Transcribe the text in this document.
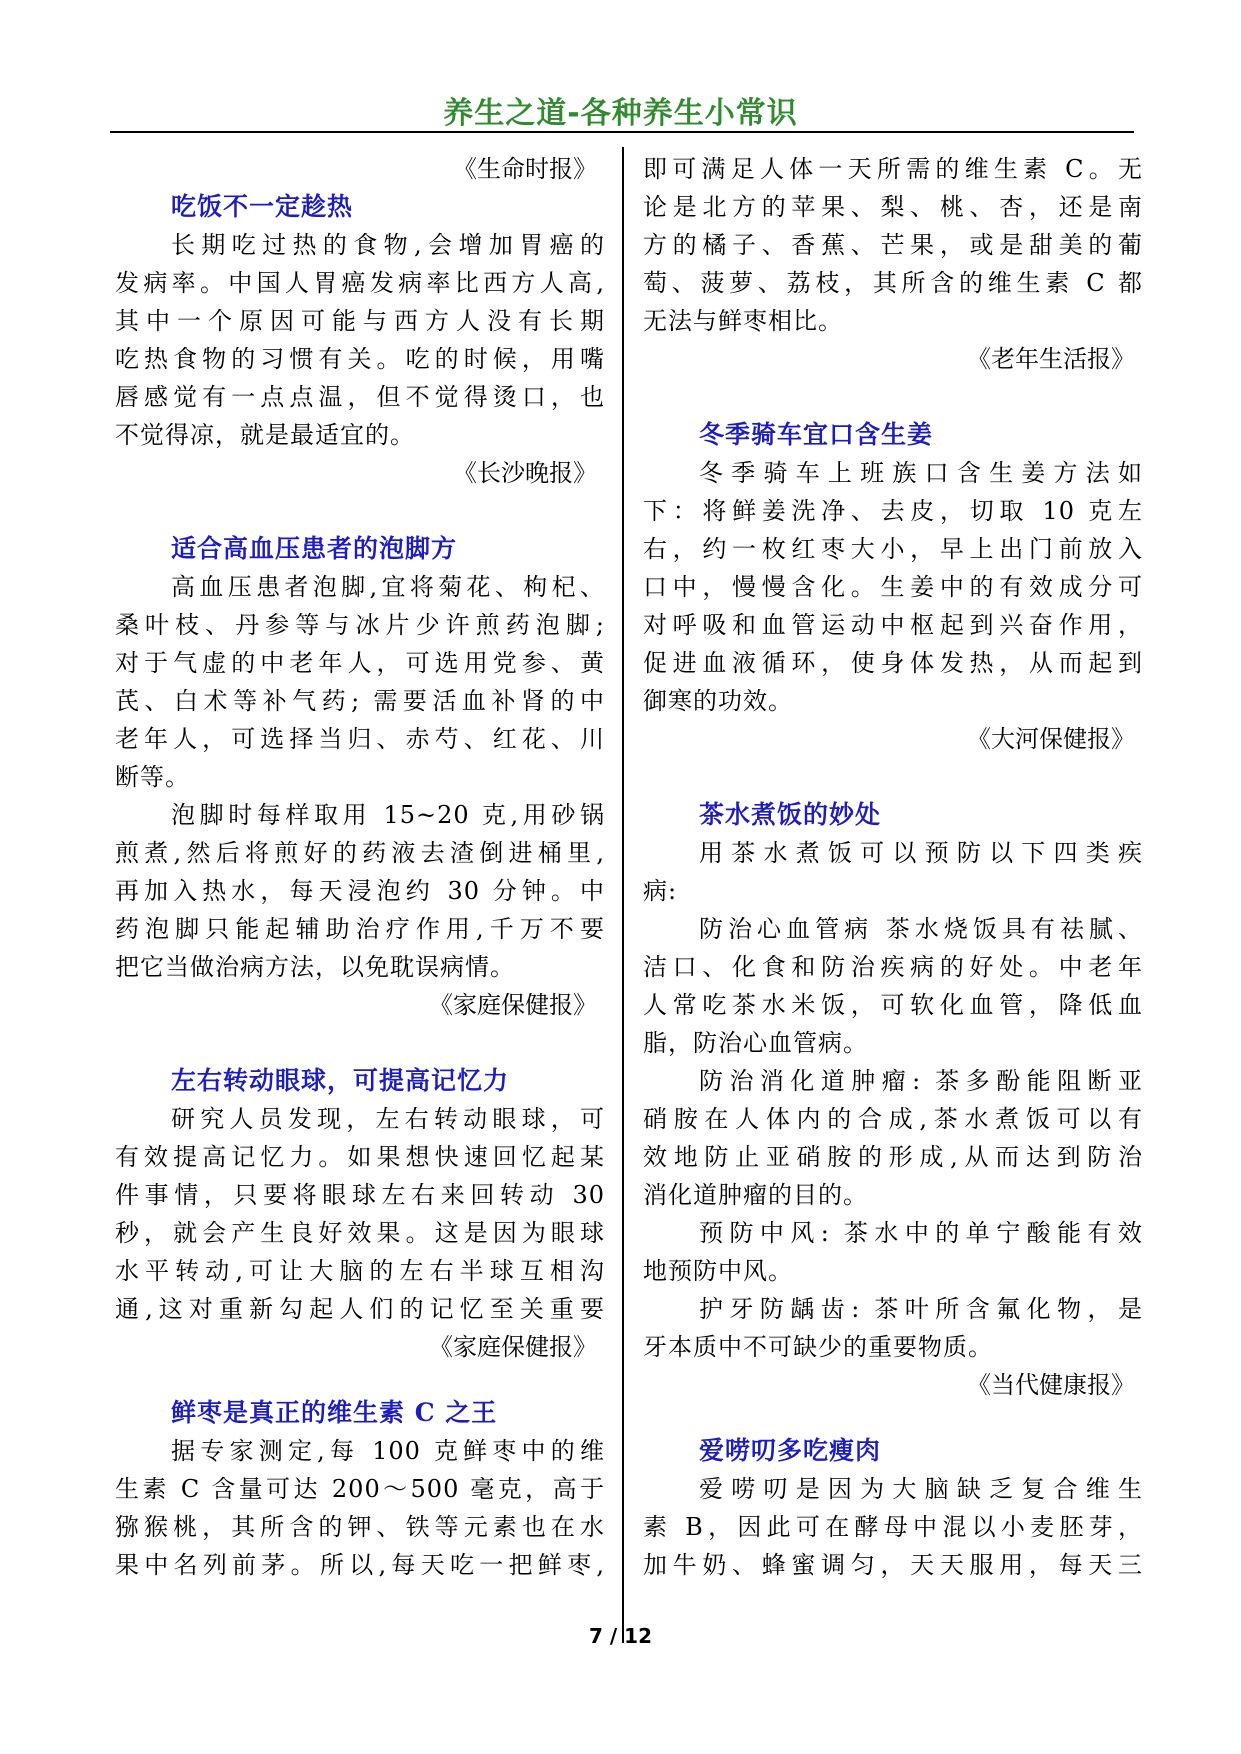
养生之道-各种养生小常识
《生命时报》
吃饭不一定趁热
长期吃过热的食物,会增加胃癌的
发病率。中国人胃癌发病率比西方人高,
其中一个原因可能与西方人没有长期
吃热食物的习惯有关。吃的时候，用嘴
唇感觉有一点点温，但不觉得烫口，也
不觉得凉，就是最适宜的。
《长沙晚报》
适合高血压患者的泡脚方
高血压患者泡脚,宜将菊花、枸杞、
桑叶枝、丹参等与冰片少许煎药泡脚;
对于气虚的中老年人，可选用党参、黄
芪、白术等补气药; 需要活血补肾的中
老年人，可选择当归、赤芍、红花、川
断等。
泡脚时每样取用 15~20 克,用砂锅
煎煮,然后将煎好的药液去渣倒进桶里,
再加入热水，每天浸泡约 30 分钟。中
药泡脚只能起辅助治疗作用,千万不要
把它当做治病方法，以免耽误病情。
《家庭保健报》
左右转动眼球，可提高记忆力
研究人员发现，左右转动眼球，可
有效提高记忆力。如果想快速回忆起某
件事情，只要将眼球左右来回转动 30
秒，就会产生良好效果。这是因为眼球
水平转动,可让大脑的左右半球互相沟
通,这对重新勾起人们的记忆至关重要
《家庭保健报》
鲜枣是真正的维生素 C 之王
据专家测定,每 100 克鲜枣中的维
生素 C 含量可达 200～500 毫克，高于
猕猴桃，其所含的钾、铁等元素也在水
果中名列前茅。所以,每天吃一把鲜枣,
即可满足人体一天所需的维生素 C。无
论是北方的苹果、梨、桃、杏，还是南
方的橘子、香蕉、芒果，或是甜美的葡
萄、菠萝、荔枝，其所含的维生素 C 都
无法与鲜枣相比。
《老年生活报》
冬季骑车宜口含生姜
冬季骑车上班族口含生姜方法如
下：将鲜姜洗净、去皮，切取 10 克左
右，约一枚红枣大小，早上出门前放入
口中，慢慢含化。生姜中的有效成分可
对呼吸和血管运动中枢起到兴奋作用，
促进血液循环，使身体发热，从而起到
御寒的功效。
《大河保健报》
茶水煮饭的妙处
用茶水煮饭可以预防以下四类疾
病:
防治心血管病 茶水烧饭具有祛腻、
洁口、化食和防治疾病的好处。中老年
人常吃茶水米饭，可软化血管，降低血
脂，防治心血管病。
防治消化道肿瘤: 茶多酚能阻断亚
硝胺在人体内的合成,茶水煮饭可以有
效地防止亚硝胺的形成,从而达到防治
消化道肿瘤的目的。
预防中风: 茶水中的单宁酸能有效
地预防中风。
护牙防龋齿: 茶叶所含氟化物，是
牙本质中不可缺少的重要物质。
《当代健康报》
爱唠叨多吃瘦肉
爱唠叨是因为大脑缺乏复合维生
素 B，因此可在酵母中混以小麦胚芽，
加牛奶、蜂蜜调匀，天天服用，每天三
7 / 12
